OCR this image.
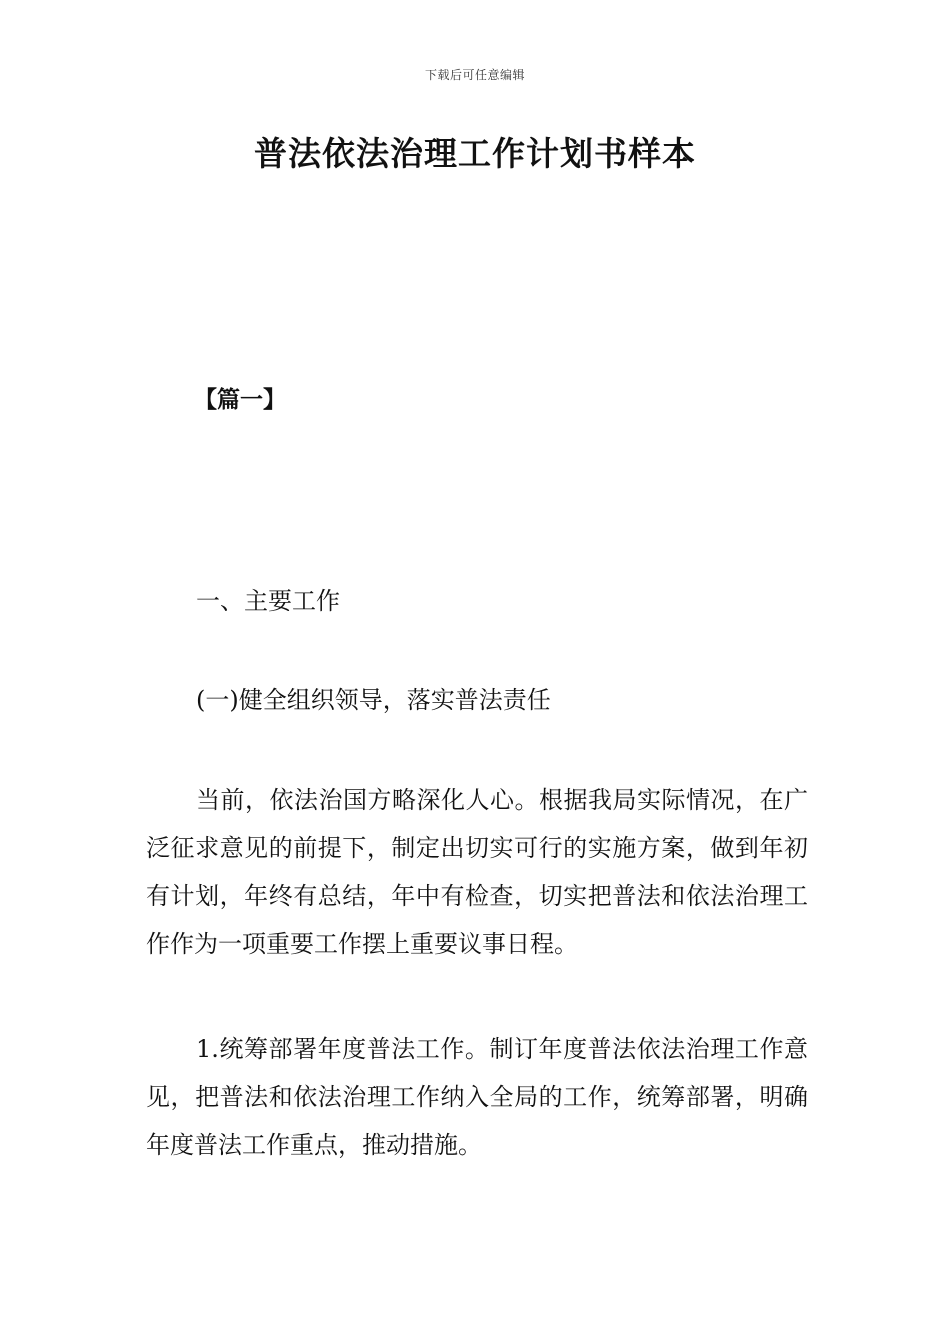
下载后可任意编辑
普法依法治理工作计划书样本
【篇一】
一、主要工作
(一)健全组织领导，落实普法责任

当前，依法治国方略深化人心。根据我局实际情况，在广泛征求意见的前提下，制定出切实可行的实施方案，做到年初有计划，年终有总结，年中有检查，切实把普法和依法治理工作作为一项重要工作摆上重要议事日程。

1.统筹部署年度普法工作。制订年度普法依法治理工作意见，把普法和依法治理工作纳入全局的工作，统筹部署，明确年度普法工作重点，推动措施。
